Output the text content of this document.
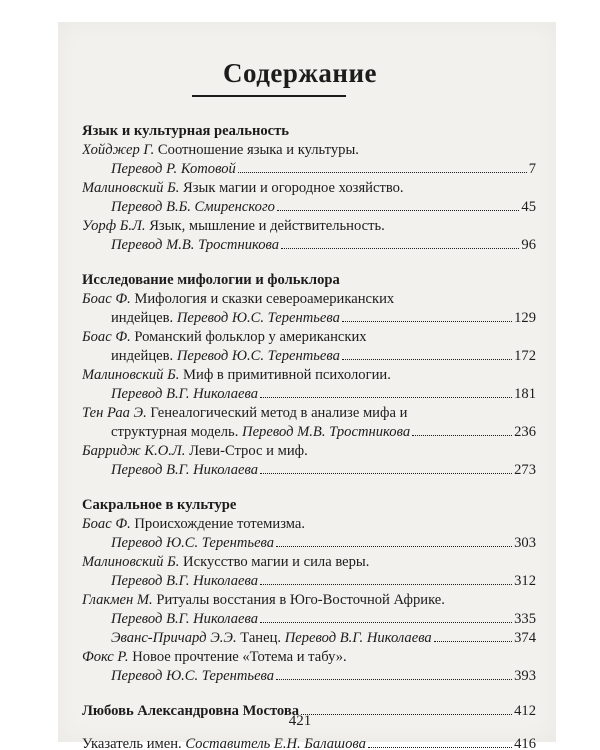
Содержание
Язык и культурная реальность
Хойджер Г. Соотношение языка и культуры.
Перевод Р. Котовой	7
Малиновский Б. Язык магии и огородное хозяйство.
Перевод В.Б. Смиренского	45
Уорф Б.Л. Язык, мышление и действительность.
Перевод М.В. Тростникова	96
Исследование мифологии и фольклора
Боас Ф. Мифология и сказки североамериканских
индейцев.
Перевод Ю.С. Терентьева	129
Боас Ф. Романский фольклор у американских
индейцев.
Перевод Ю.С. Терентьева	172
Малиновский Б. Миф в примитивной психологии.
Перевод В.Г. Николаева	181
Тен Раа Э. Генеалогический метод в анализе мифа и
структурная модель.
Перевод М.В. Тростникова	236
Барридж К.О.Л. Леви-Строс и миф.
Перевод В.Г. Николаева	273
Сакральное в культуре
Боас Ф. Происхождение тотемизма.
Перевод Ю.С. Терентьева	303
Малиновский Б. Искусство магии и сила веры.
Перевод В.Г. Николаева	312
Глакмен М. Ритуалы восстания в Юго-Восточной Африке.
Перевод В.Г. Николаева	335
Эванс-Причард Э.Э.
Танец.
Перевод В.Г. Николаева	374
Фокс Р. Новое прочтение «Тотема и табу».
Перевод Ю.С. Терентьева	393
Любовь Александровна Мостова	412
Указатель имен.
Составитель Е.Н. Балашова	416
421
